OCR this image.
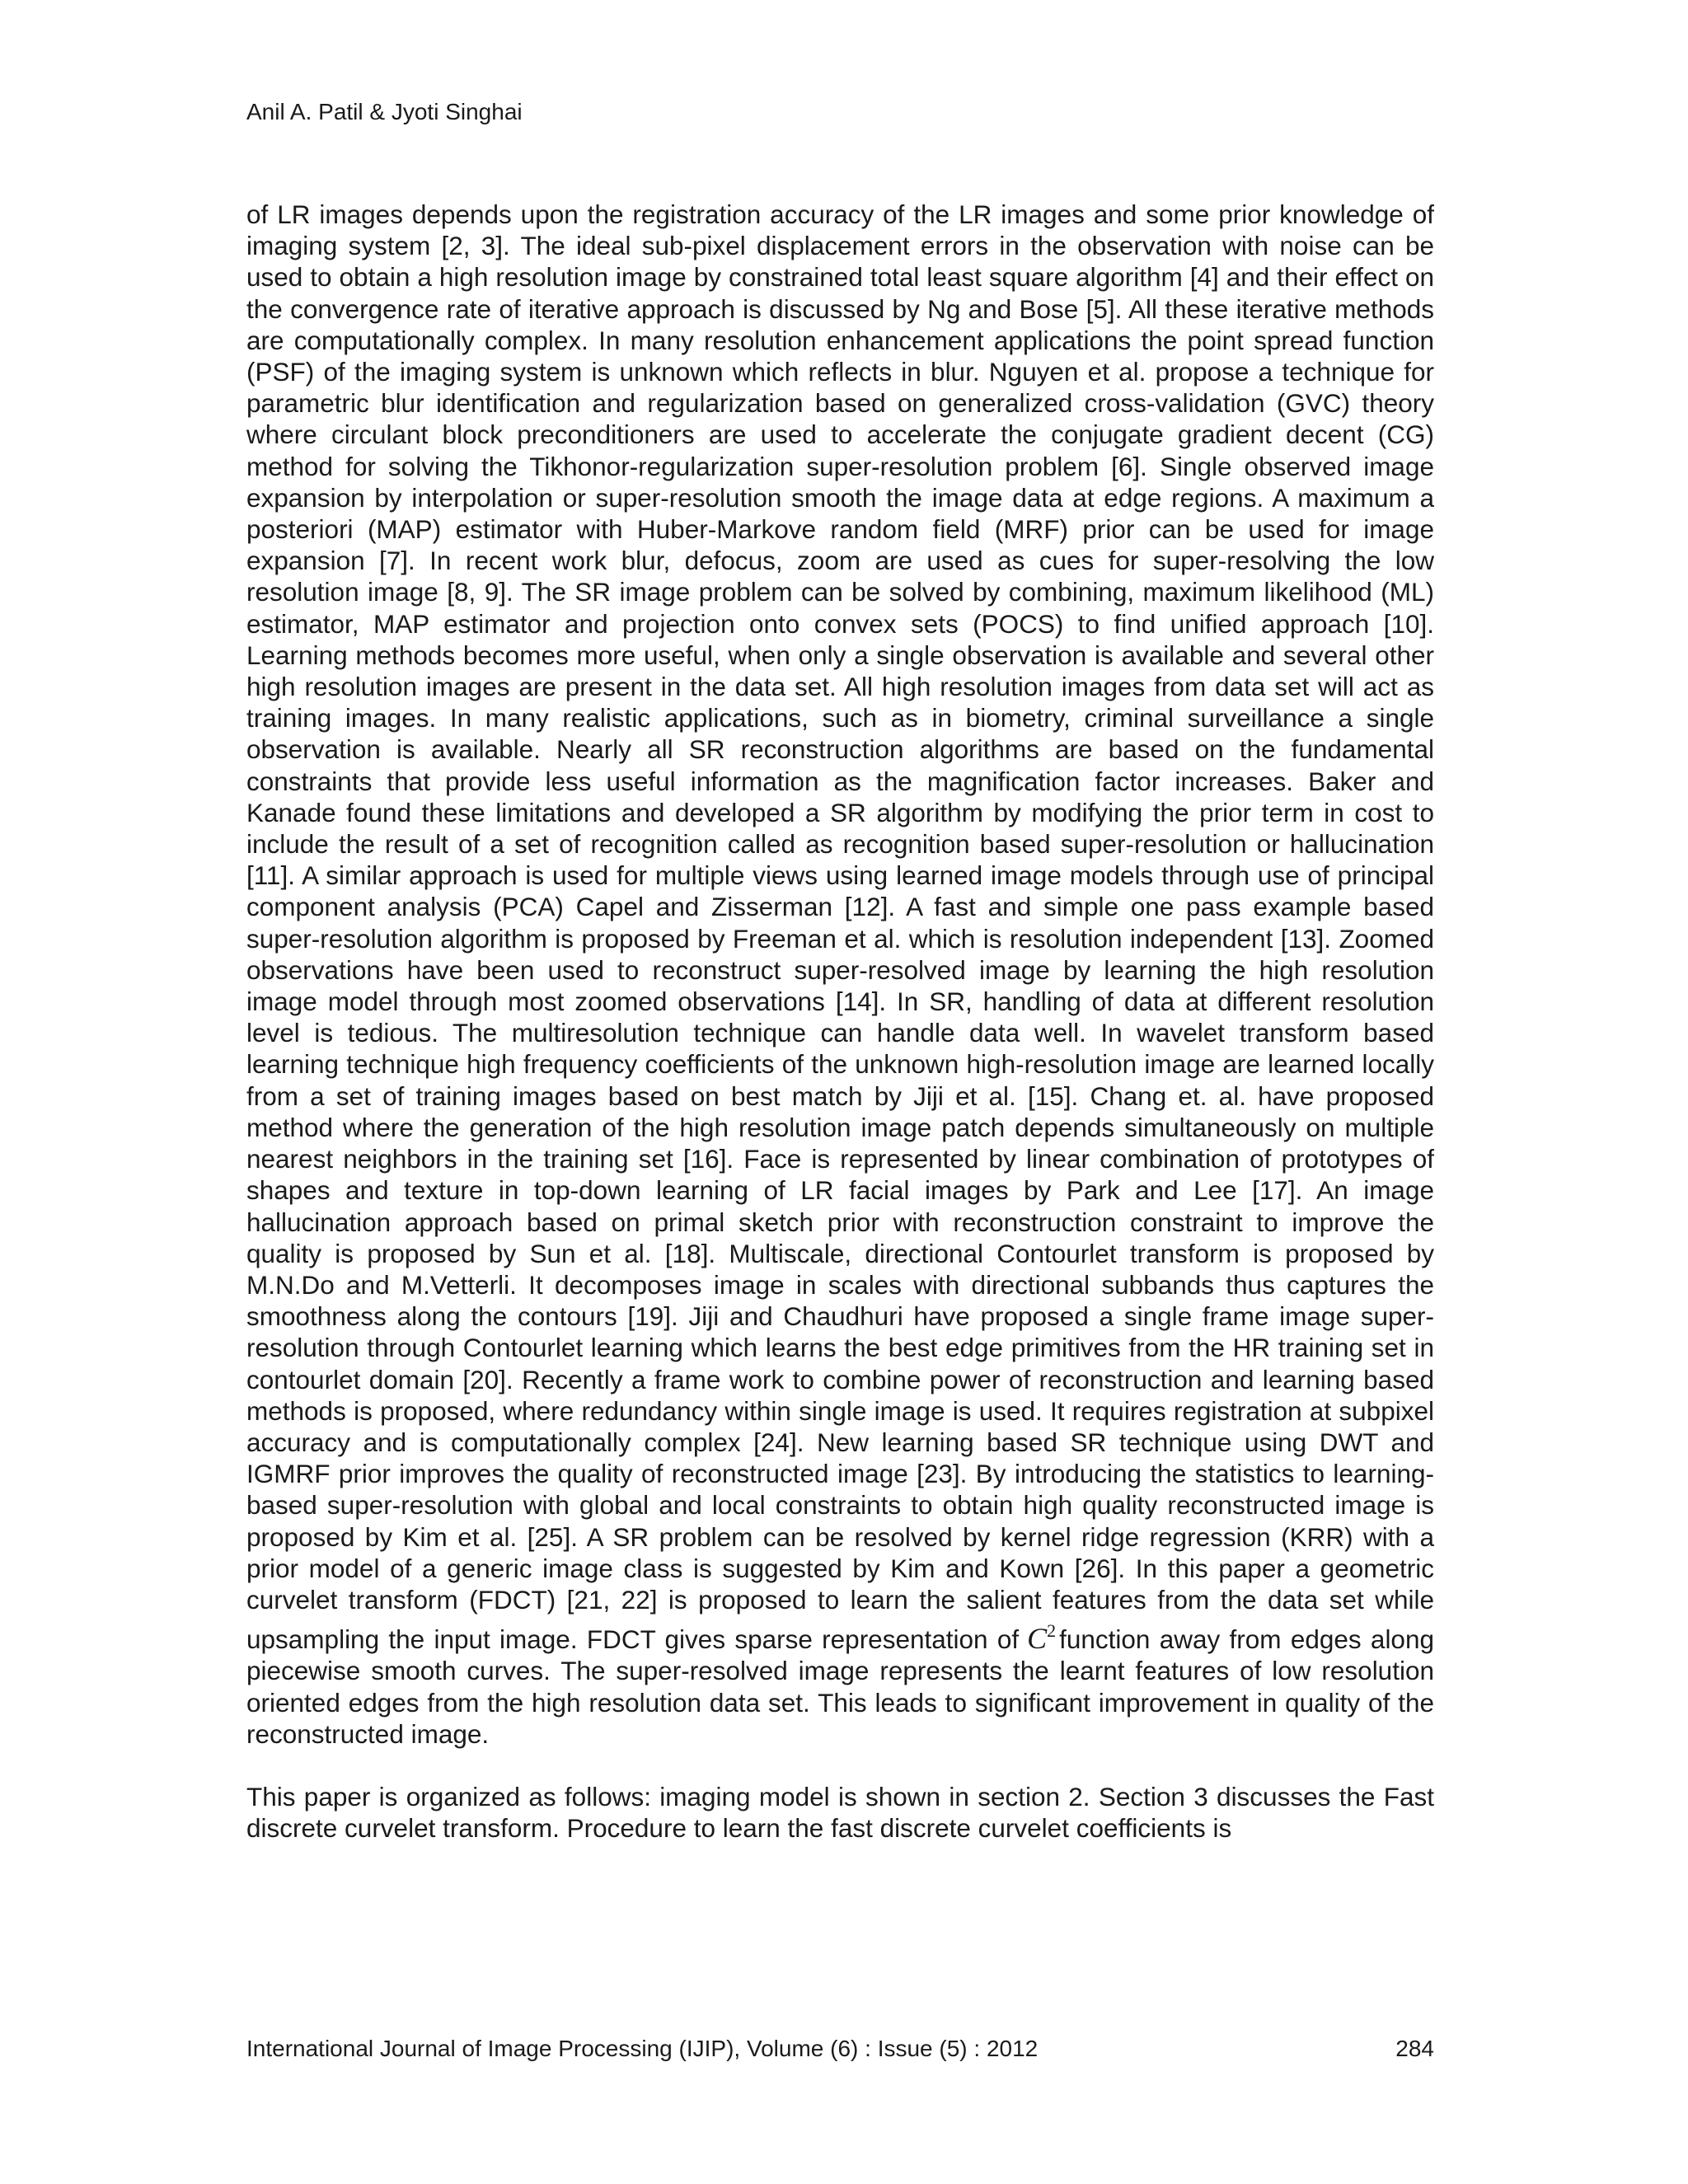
Anil A. Patil & Jyoti Singhai

of LR images depends upon the registration accuracy of the LR images and some prior knowledge of imaging system [2, 3]. The ideal sub-pixel displacement errors in the observation with noise can be used to obtain a high resolution image by constrained total least square algorithm [4] and their effect on the convergence rate of iterative approach is discussed by Ng and Bose [5]. All these iterative methods are computationally complex. In many resolution enhancement applications the point spread function (PSF) of the imaging system is unknown which reflects in blur. Nguyen et al. propose a technique for parametric blur identification and regularization based on generalized cross-validation (GVC) theory where circulant block preconditioners are used to accelerate the conjugate gradient decent (CG) method for solving the Tikhonor-regularization super-resolution problem [6]. Single observed image expansion by interpolation or super-resolution smooth the image data at edge regions. A maximum a posteriori (MAP) estimator with Huber-Markove random field (MRF) prior can be used for image expansion [7]. In recent work blur, defocus, zoom are used as cues for super-resolving the low resolution image [8, 9]. The SR image problem can be solved by combining, maximum likelihood (ML) estimator, MAP estimator and projection onto convex sets (POCS) to find unified approach [10]. Learning methods becomes more useful, when only a single observation is available and several other high resolution images are present in the data set. All high resolution images from data set will act as training images. In many realistic applications, such as in biometry, criminal surveillance a single observation is available. Nearly all SR reconstruction algorithms are based on the fundamental constraints that provide less useful information as the magnification factor increases. Baker and Kanade found these limitations and developed a SR algorithm by modifying the prior term in cost to include the result of a set of recognition called as recognition based super-resolution or hallucination [11]. A similar approach is used for multiple views using learned image models through use of principal component analysis (PCA) Capel and Zisserman [12]. A fast and simple one pass example based super-resolution algorithm is proposed by Freeman et al. which is resolution independent [13]. Zoomed observations have been used to reconstruct super-resolved image by learning the high resolution image model through most zoomed observations [14]. In SR, handling of data at different resolution level is tedious. The multiresolution technique can handle data well. In wavelet transform based learning technique high frequency coefficients of the unknown high-resolution image are learned locally from a set of training images based on best match by Jiji et al. [15]. Chang et. al. have proposed method where the generation of the high resolution image patch depends simultaneously on multiple nearest neighbors in the training set [16]. Face is represented by linear combination of prototypes of shapes and texture in top-down learning of LR facial images by Park and Lee [17]. An image hallucination approach based on primal sketch prior with reconstruction constraint to improve the quality is proposed by Sun et al. [18]. Multiscale, directional Contourlet transform is proposed by M.N.Do and M.Vetterli. It decomposes image in scales with directional subbands thus captures the smoothness along the contours [19]. Jiji and Chaudhuri have proposed a single frame image super-resolution through Contourlet learning which learns the best edge primitives from the HR training set in contourlet domain [20]. Recently a frame work to combine power of reconstruction and learning based methods is proposed, where redundancy within single image is used. It requires registration at subpixel accuracy and is computationally complex [24]. New learning based SR technique using DWT and IGMRF prior improves the quality of reconstructed image [23]. By introducing the statistics to learning-based super-resolution with global and local constraints to obtain high quality reconstructed image is proposed by Kim et al. [25]. A SR problem can be resolved by kernel ridge regression (KRR) with a prior model of a generic image class is suggested by Kim and Kown [26]. In this paper a geometric curvelet transform (FDCT) [21, 22] is proposed to learn the salient features from the data set while upsampling the input image. FDCT gives sparse representation of $C^2$ function away from edges along piecewise smooth curves. The super-resolved image represents the learnt features of low resolution oriented edges from the high resolution data set. This leads to significant improvement in quality of the reconstructed image.

This paper is organized as follows: imaging model is shown in section 2. Section 3 discusses the Fast discrete curvelet transform. Procedure to learn the fast discrete curvelet coefficients is

International Journal of Image Processing (IJIP), Volume (6) : Issue (5) : 2012	284
